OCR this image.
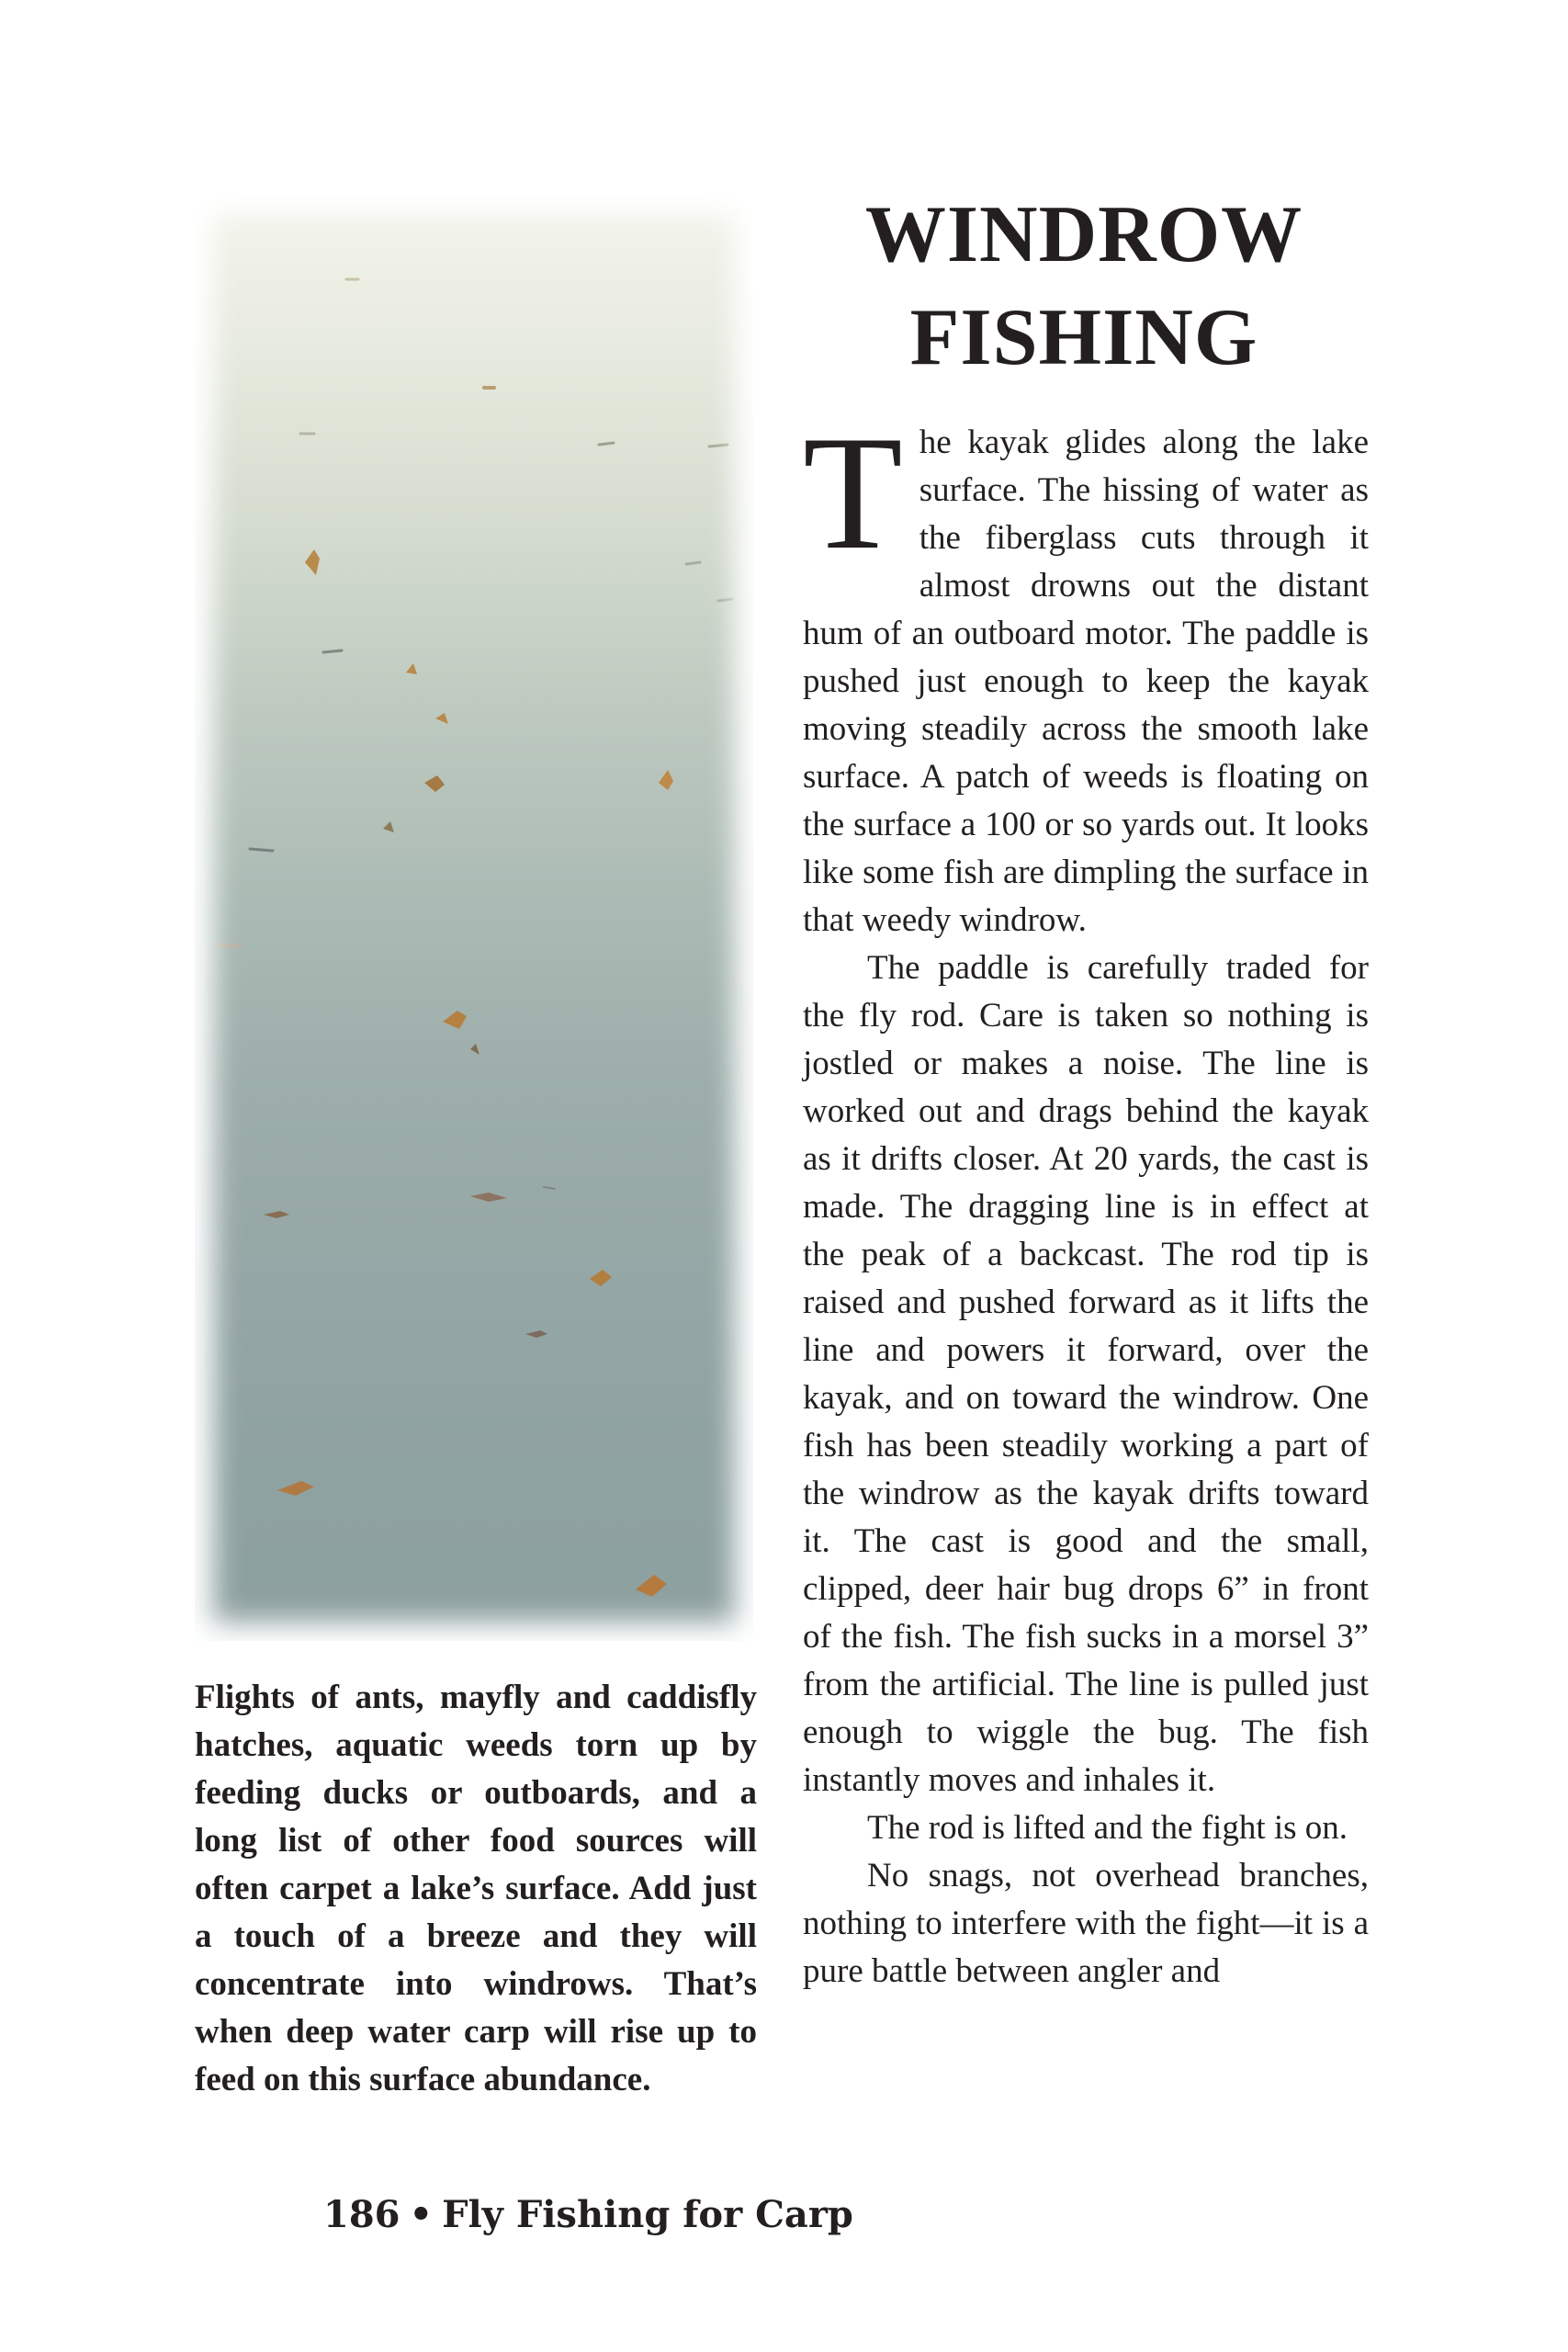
Flights of ants, mayfly and caddisfly hatches, aquatic weeds torn up by feeding ducks or outboards, and a long list of other food sources will often carpet a lake’s surface. Add just a touch of a breeze and they will concentrate into windrows. That’s when deep water carp will rise up to feed on this surface abundance.

WINDROW
FISHING

The kayak glides along the lake surface. The hissing of water as the fiberglass cuts through it almost drowns out the distant hum of an outboard motor. The paddle is pushed just enough to keep the kayak moving steadily across the smooth lake surface. A patch of weeds is floating on the surface a 100 or so yards out. It looks like some fish are dimpling the surface in that weedy windrow.

The paddle is carefully traded for the fly rod. Care is taken so nothing is jostled or makes a noise. The line is worked out and drags behind the kayak as it drifts closer. At 20 yards, the cast is made. The dragging line is in effect at the peak of a backcast. The rod tip is raised and pushed forward as it lifts the line and powers it forward, over the kayak, and on toward the windrow. One fish has been steadily working a part of the windrow as the kayak drifts toward it. The cast is good and the small, clipped, deer hair bug drops 6” in front of the fish. The fish sucks in a morsel 3” from the artificial. The line is pulled just enough to wiggle the bug. The fish instantly moves and inhales it.

The rod is lifted and the fight is on.

No snags, not overhead branches, nothing to interfere with the fight—it is a pure battle between angler and

186 • Fly Fishing for Carp
